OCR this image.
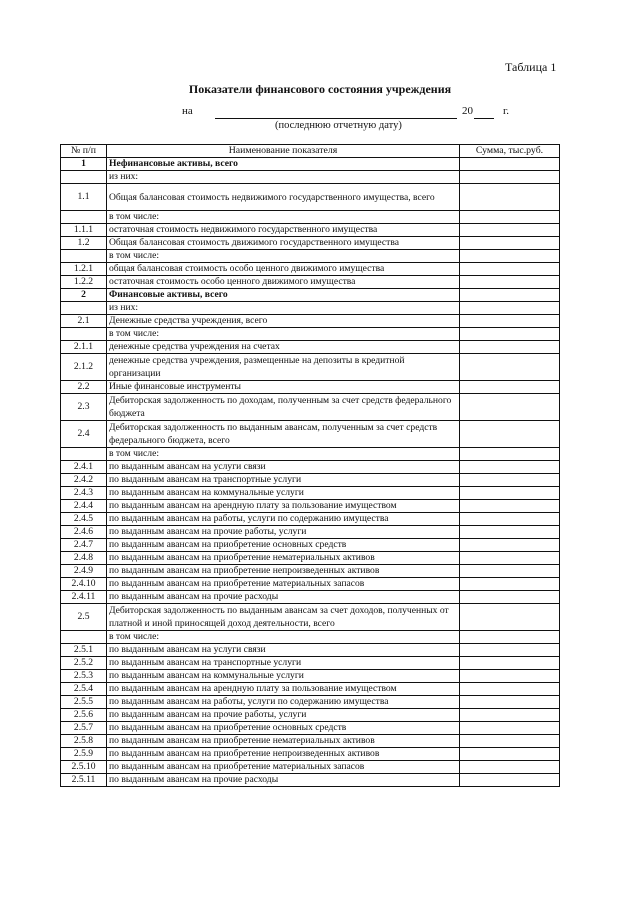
Таблица 1
Показатели финансового состояния учреждения
на	20	г.
(последнюю отчетную дату)
№ п/п	Наименование показателя	Сумма, тыс.руб.
1	Нефинансовые активы, всего	
	из них:	
1.1	Общая балансовая стоимость недвижимого государственного имущества, всего	
	в том числе:	
1.1.1	остаточная стоимость недвижимого государственного имущества	
1.2	Общая балансовая стоимость движимого государственного имущества	
	в том числе:	
1.2.1	общая балансовая стоимость особо ценного движимого имущества	
1.2.2	остаточная стоимость особо ценного движимого имущества	
2	Финансовые активы, всего	
	из них:	
2.1	Денежные средства учреждения, всего	
	в том числе:	
2.1.1	денежные средства учреждения на счетах	
2.1.2	денежные средства учреждения, размещенные на депозиты в кредитной организации	
2.2	Иные финансовые инструменты	
2.3	Дебиторская задолженность по доходам, полученным за счет средств федерального бюджета	
2.4	Дебиторская задолженность по выданным авансам, полученным за счет средств федерального бюджета, всего	
	в том числе:	
2.4.1	по выданным авансам на услуги связи	
2.4.2	по выданным авансам на транспортные услуги	
2.4.3	по выданным авансам на коммунальные услуги	
2.4.4	по выданным авансам на арендную плату за пользование имуществом	
2.4.5	по выданным авансам на работы, услуги по содержанию имущества	
2.4.6	по выданным авансам на прочие работы, услуги	
2.4.7	по выданным авансам на приобретение основных средств	
2.4.8	по выданным авансам на приобретение нематериальных активов	
2.4.9	по выданным авансам на приобретение непроизведенных активов	
2.4.10	по выданным авансам на приобретение материальных запасов	
2.4.11	по выданным авансам на прочие расходы	
2.5	Дебиторская задолженность по выданным авансам за счет доходов, полученных от платной и иной приносящей доход деятельности, всего	
	в том числе:	
2.5.1	по выданным авансам на услуги связи	
2.5.2	по выданным авансам на транспортные услуги	
2.5.3	по выданным авансам на коммунальные услуги	
2.5.4	по выданным авансам на арендную плату за пользование имуществом	
2.5.5	по выданным авансам на работы, услуги по содержанию имущества	
2.5.6	по выданным авансам на прочие работы, услуги	
2.5.7	по выданным авансам на приобретение основных средств	
2.5.8	по выданным авансам на приобретение нематериальных активов	
2.5.9	по выданным авансам на приобретение непроизведенных активов	
2.5.10	по выданным авансам на приобретение материальных запасов	
2.5.11	по выданным авансам на прочие расходы	
